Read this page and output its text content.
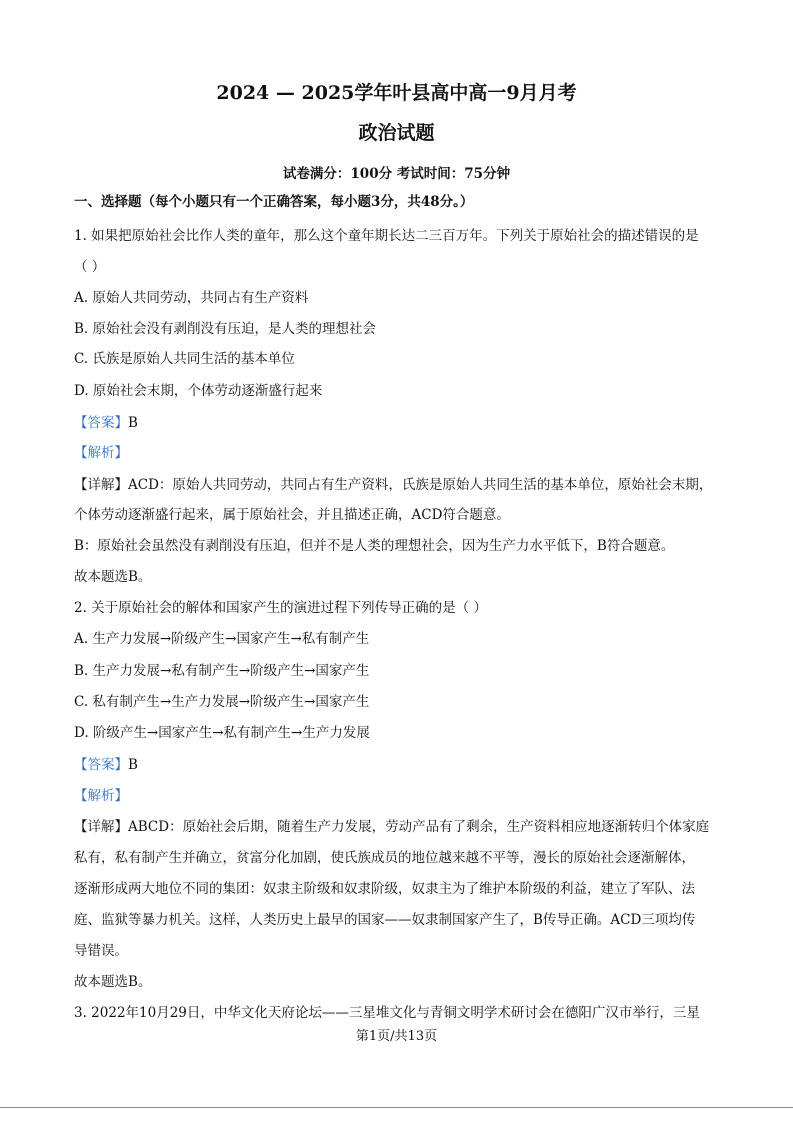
2024 — 2025学年叶县高中高一9月月考
政治试题
试卷满分：100分 考试时间：75分钟
一、选择题（每个小题只有一个正确答案，每小题3分，共48分。）
1. 如果把原始社会比作人类的童年，那么这个童年期长达二三百万年。下列关于原始社会的描述错误的是
（ ）
A. 原始人共同劳动，共同占有生产资料
B. 原始社会没有剥削没有压迫，是人类的理想社会
C. 氏族是原始人共同生活的基本单位
D. 原始社会末期，个体劳动逐渐盛行起来
【答案】B
【解析】
【详解】ACD：原始人共同劳动，共同占有生产资料，氏族是原始人共同生活的基本单位，原始社会末期，
个体劳动逐渐盛行起来，属于原始社会，并且描述正确，ACD符合题意。
B：原始社会虽然没有剥削没有压迫，但并不是人类的理想社会，因为生产力水平低下，B符合题意。
故本题选B。
2. 关于原始社会的解体和国家产生的演进过程下列传导正确的是（ ）
A. 生产力发展→阶级产生→国家产生→私有制产生
B. 生产力发展→私有制产生→阶级产生→国家产生
C. 私有制产生→生产力发展→阶级产生→国家产生
D. 阶级产生→国家产生→私有制产生→生产力发展
【答案】B
【解析】
【详解】ABCD：原始社会后期，随着生产力发展，劳动产品有了剩余，生产资料相应地逐渐转归个体家庭
私有，私有制产生并确立，贫富分化加剧，使氏族成员的地位越来越不平等，漫长的原始社会逐渐解体，
逐渐形成两大地位不同的集团：奴隶主阶级和奴隶阶级，奴隶主为了维护本阶级的利益，建立了军队、法
庭、监狱等暴力机关。这样，人类历史上最早的国家——奴隶制国家产生了，B传导正确。ACD三项均传
导错误。
故本题选B。
3. 2022年10月29日，中华文化天府论坛——三星堆文化与青铜文明学术研讨会在德阳广汉市举行，三星
第1页/共13页
